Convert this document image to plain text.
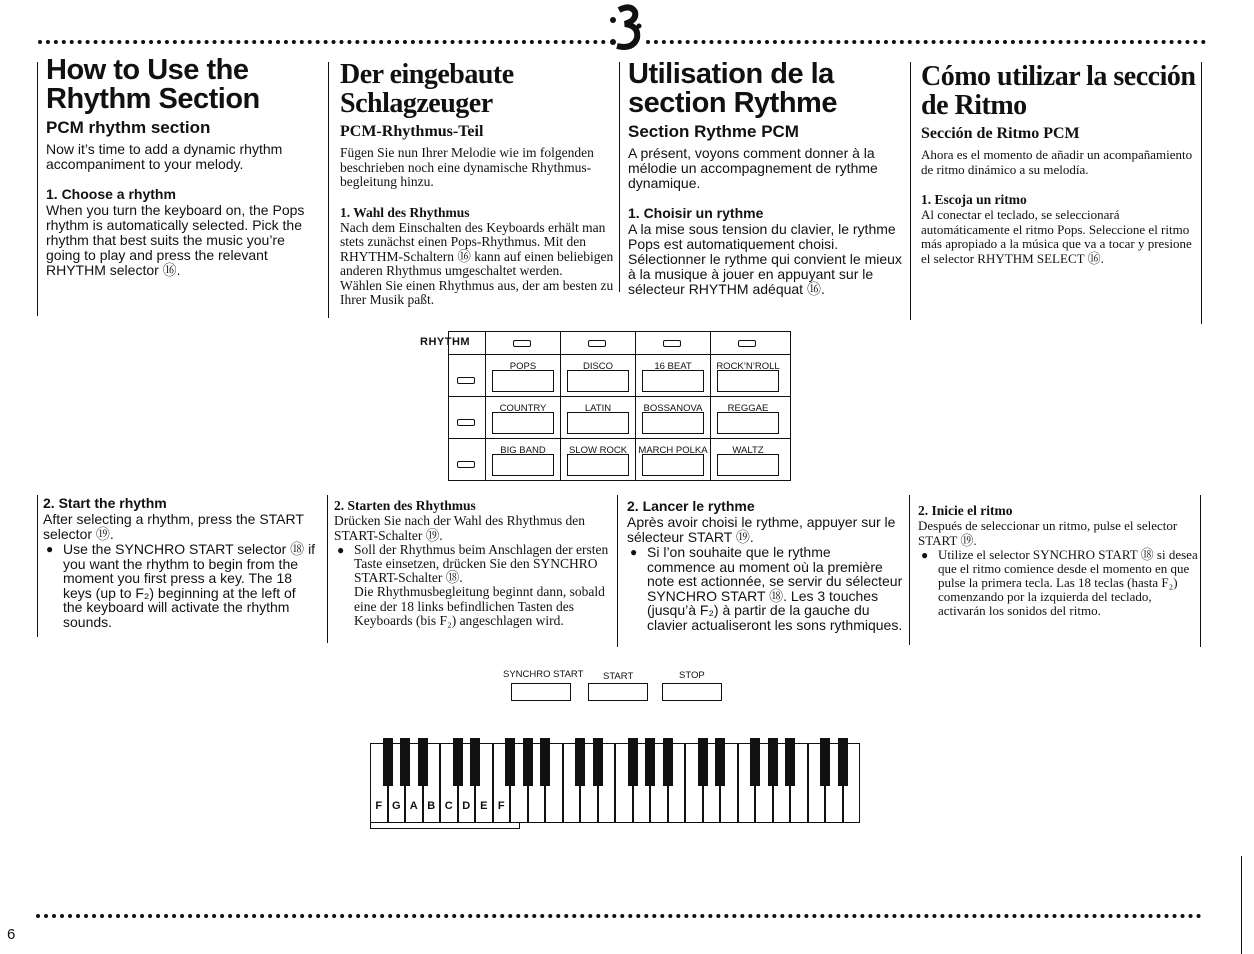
How to Use the Rhythm Section
PCM rhythm section

Now it’s time to add a dynamic rhythm accompaniment to your melody.

1. Choose a rhythm

When you turn the keyboard on, the Pops rhythm is automatically selected. Pick the rhythm that best suits the music you’re going to play and press the relevant RHYTHM selector ⑯.

Der eingebaute Schlagzeuger
PCM-Rhythmus-Teil

Fügen Sie nun Ihrer Melodie wie im folgenden beschrieben noch eine dynamische Rhythmus-begleitung hinzu.

1. Wahl des Rhythmus

Nach dem Einschalten des Keyboards erhält man stets zunächst einen Pops-Rhythmus. Mit den RHYTHM-Schaltern ⑯ kann auf einen beliebigen anderen Rhythmus umgeschaltet werden.

Wählen Sie einen Rhythmus aus, der am besten zu Ihrer Musik paßt.

Utilisation de la section Rythme
Section Rythme PCM

A présent, voyons comment donner à la mélodie un accompagnement de rythme dynamique.

1. Choisir un rythme

A la mise sous tension du clavier, le rythme Pops est automatiquement choisi. Sélectionner le rythme qui convient le mieux à la musique à jouer en appuyant sur le sélecteur RHYTHM adéquat ⑯.

Cómo utilizar la sección de Ritmo
Sección de Ritmo PCM

Ahora es el momento de añadir un acompañamiento de ritmo dinámico a su melodía.

1. Escoja un ritmo

Al conectar el teclado, se seleccionará automáticamente el ritmo Pops. Seleccione el ritmo más apropiado a la música que va a tocar y presione el selector RHYTHM SELECT ⑯.

RHYTHM
POPS	DISCO	16 BEAT	ROCK’N’ROLL
COUNTRY	LATIN	BOSSANOVA	REGGAE
BIG BAND	SLOW ROCK	MARCH POLKA	WALTZ
2. Start the rhythm

After selecting a rhythm, press the START selector ⑲.

● Use the SYNCHRO START selector ⑱ if you want the rhythm to begin from the moment you first press a key. The 18 keys (up to F₂) beginning at the left of the keyboard will activate the rhythm sounds.
2. Starten des Rhythmus

Drücken Sie nach der Wahl des Rhythmus den START-Schalter ⑲.

● Soll der Rhythmus beim Anschlagen der ersten Taste einsetzen, drücken Sie den SYNCHRO START-Schalter ⑱.

Die Rhythmusbegleitung beginnt dann, sobald eine der 18 links befindlichen Tasten des Keyboards (bis F₂) angeschlagen wird.

2. Lancer le rythme

Après avoir choisi le rythme, appuyer sur le sélecteur START ⑲.

● Si l’on souhaite que le rythme commence au moment où la première note est actionnée, se servir du sélecteur SYNCHRO START ⑱. Les 3 touches (jusqu’à F₂) à partir de la gauche du clavier actualiseront les sons rythmiques.
2. Inicie el ritmo

Después de seleccionar un ritmo, pulse el selector START ⑲.

● Utilize el selector SYNCHRO START ⑱ si desea que el ritmo comience desde el momento en que pulse la primera tecla. Las 18 teclas (hasta F₂) comenzando por la izquierda del teclado, activarán los sonidos del ritmo.
SYNCHRO START START	STOP
F G A B C D E F
6
